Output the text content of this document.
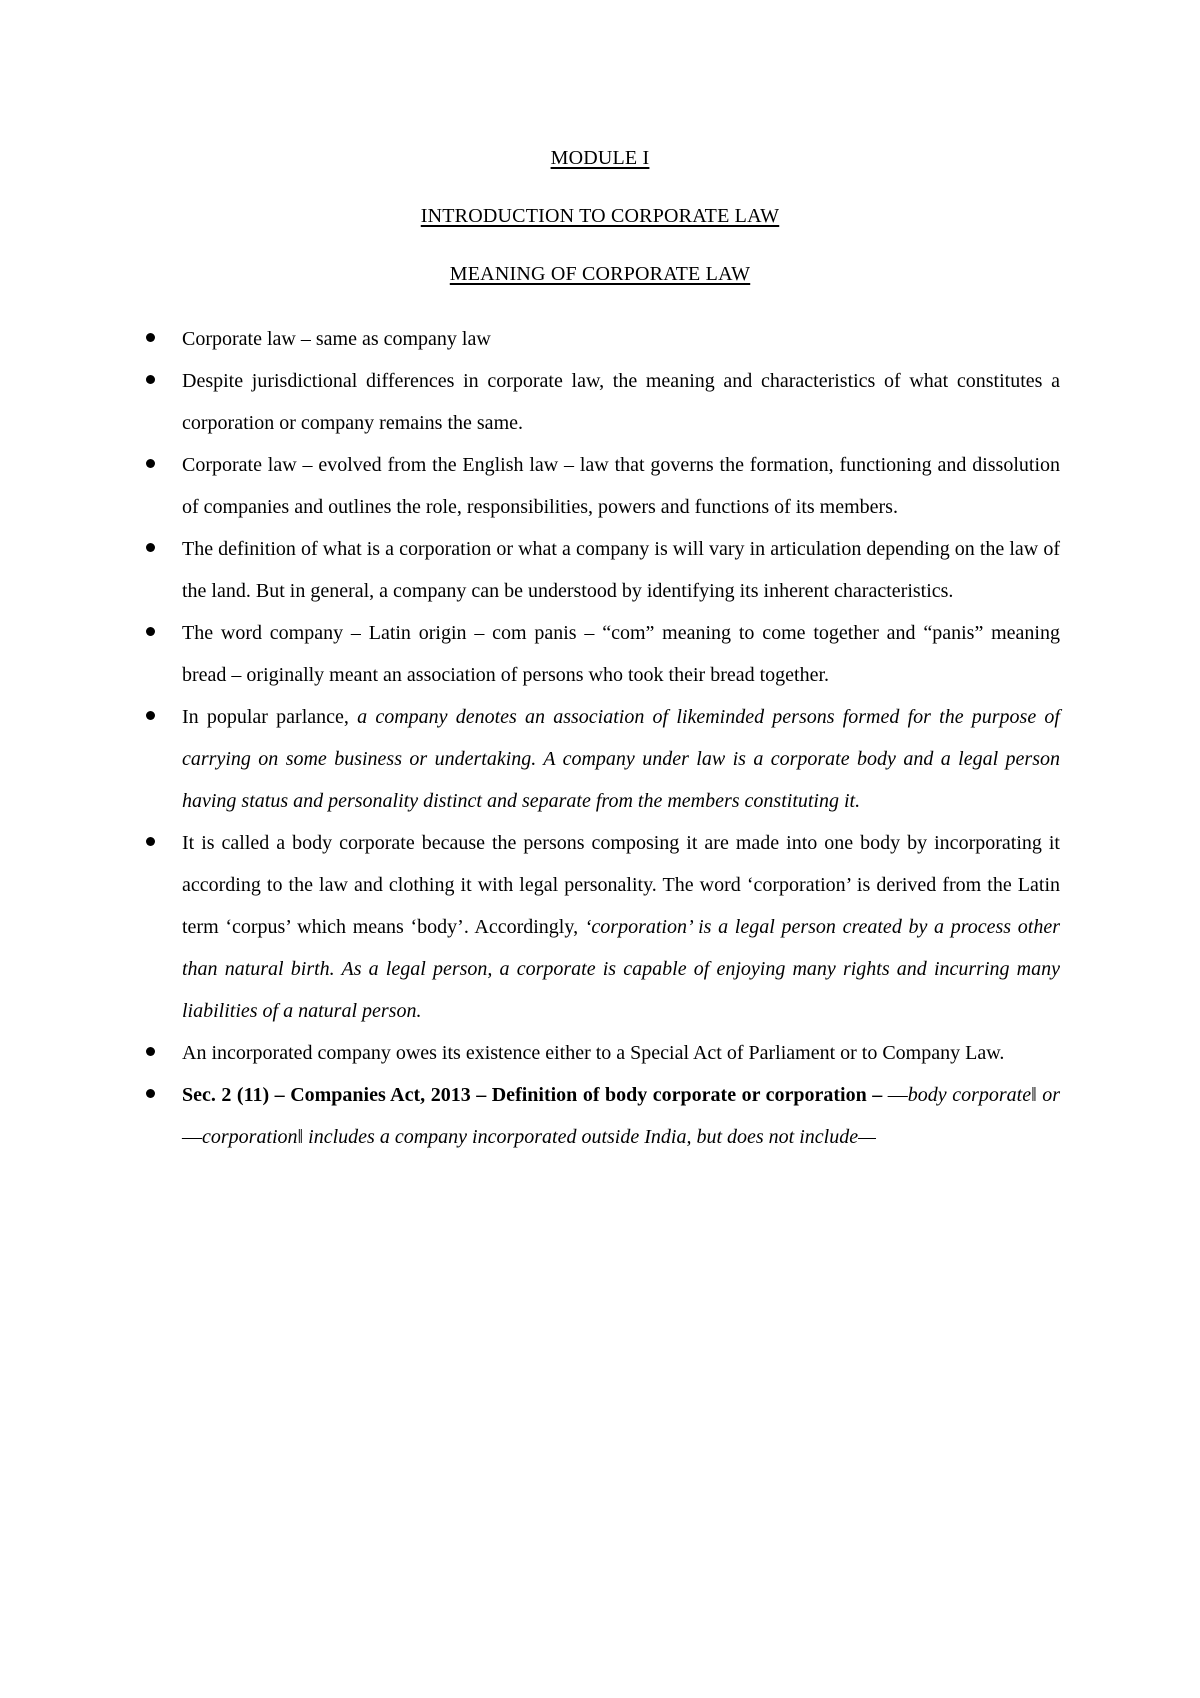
MODULE I
INTRODUCTION TO CORPORATE LAW
MEANING OF CORPORATE LAW
Corporate law – same as company law
Despite jurisdictional differences in corporate law, the meaning and characteristics of what constitutes a corporation or company remains the same.
Corporate law – evolved from the English law – law that governs the formation, functioning and dissolution of companies and outlines the role, responsibilities, powers and functions of its members.
The definition of what is a corporation or what a company is will vary in articulation depending on the law of the land. But in general, a company can be understood by identifying its inherent characteristics.
The word company – Latin origin – com panis – “com” meaning to come together and “panis” meaning bread – originally meant an association of persons who took their bread together.
In popular parlance, a company denotes an association of likeminded persons formed for the purpose of carrying on some business or undertaking. A company under law is a corporate body and a legal person having status and personality distinct and separate from the members constituting it.
It is called a body corporate because the persons composing it are made into one body by incorporating it according to the law and clothing it with legal personality. The word ‘corporation’ is derived from the Latin term ‘corpus’ which means ‘body’. Accordingly, ‘corporation’ is a legal person created by a process other than natural birth. As a legal person, a corporate is capable of enjoying many rights and incurring many liabilities of a natural person.
An incorporated company owes its existence either to a Special Act of Parliament or to Company Law.
Sec. 2 (11) – Companies Act, 2013 – Definition of body corporate or corporation – ―body corporate‖ or ―corporation‖ includes a company incorporated outside India, but does not include—
